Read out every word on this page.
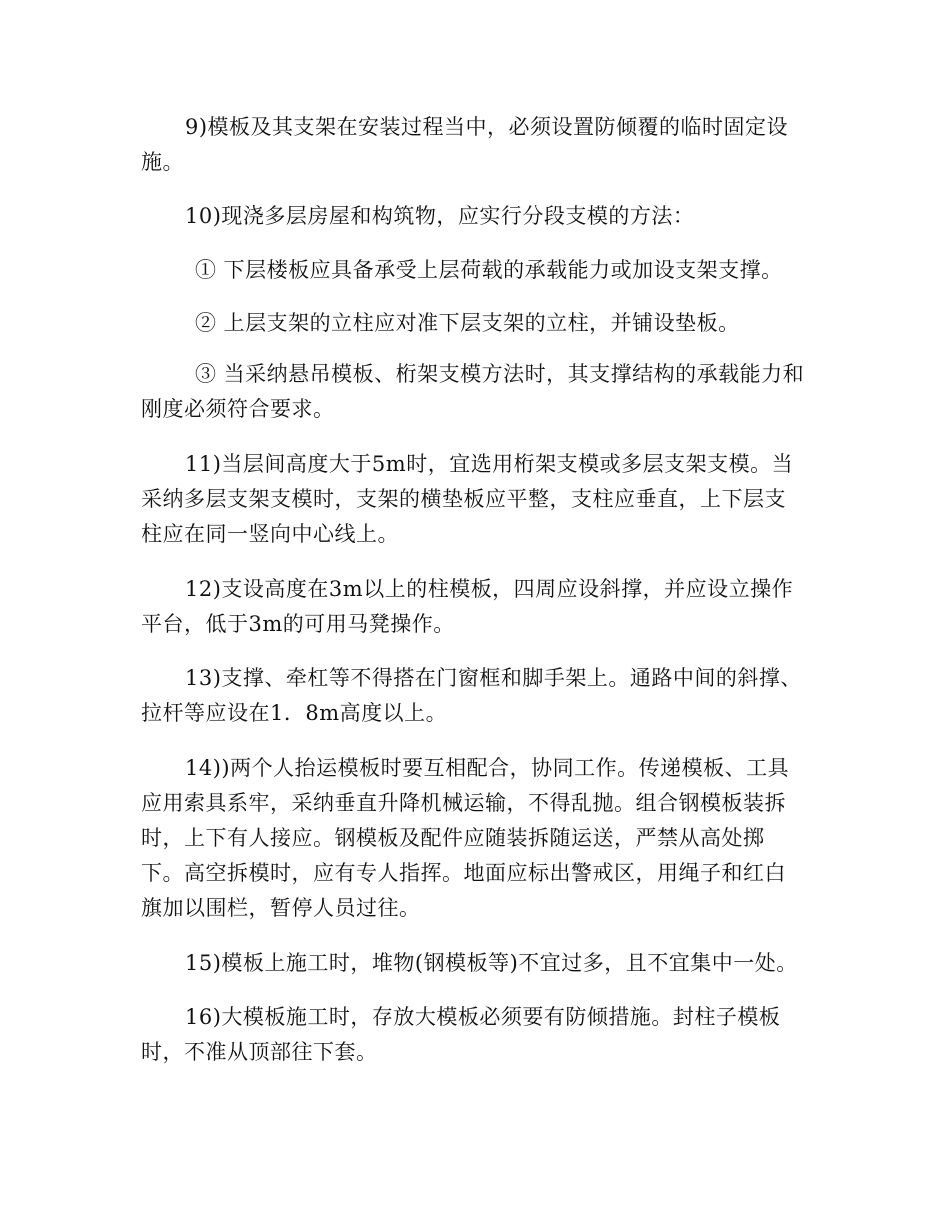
9)模板及其支架在安装过程当中，必须设置防倾覆的临时固定设
施。
10)现浇多层房屋和构筑物，应实行分段支模的方法：
① 下层楼板应具备承受上层荷载的承载能力或加设支架支撑。
② 上层支架的立柱应对准下层支架的立柱，并铺设垫板。
③ 当采纳悬吊模板、桁架支模方法时，其支撑结构的承载能力和
刚度必须符合要求。
11)当层间高度大于5m时，宜选用桁架支模或多层支架支模。当
采纳多层支架支模时，支架的横垫板应平整，支柱应垂直，上下层支
柱应在同一竖向中心线上。
12)支设高度在3m以上的柱模板，四周应设斜撑，并应设立操作
平台，低于3m的可用马凳操作。
13)支撑、牵杠等不得搭在门窗框和脚手架上。通路中间的斜撑、
拉杆等应设在1．8m高度以上。
14))两个人抬运模板时要互相配合，协同工作。传递模板、工具
应用索具系牢，采纳垂直升降机械运输，不得乱抛。组合钢模板装拆
时，上下有人接应。钢模板及配件应随装拆随运送，严禁从高处掷
下。高空拆模时，应有专人指挥。地面应标出警戒区，用绳子和红白
旗加以围栏，暂停人员过往。
15)模板上施工时，堆物(钢模板等)不宜过多，且不宜集中一处。
16)大模板施工时，存放大模板必须要有防倾措施。封柱子模板
时，不准从顶部往下套。
